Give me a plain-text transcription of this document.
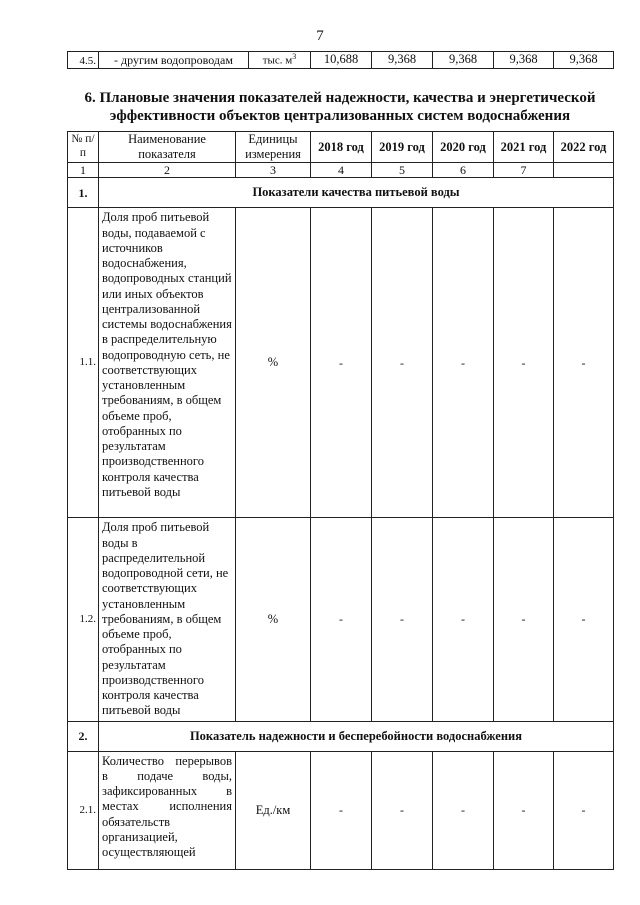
7
4.5.	- другим водопроводам	тыс. $м^3$	10,688	9,368	9,368	9,368	9,368
6. Плановые значения показателей надежности, качества и энергетической
эффективности объектов централизованных систем водоснабжения
№ п/п	Наименование показателя	Единицы измерения	2018 год	2019 год	2020 год	2021 год	2022 год
1	2	3	4	5	6	7	
1.	Показатели качества питьевой воды						
1.1.	Доля проб питьевой воды, подаваемой с источников водоснабжения, водопроводных станций или иных объектов централизованной системы водоснабжения в распределительную водопроводную сеть, не соответствующих установленным требованиям, в общем объеме проб, отобранных по результатам производственного контроля качества питьевой воды	%	-	-	-	-	-
1.2.	Доля проб питьевой воды в распределительной водопроводной сети, не соответствующих установленным требованиям, в общем объеме проб, отобранных по результатам производственного контроля качества питьевой воды	%	-	-	-	-	-
2.	Показатель надежности и бесперебойности водоснабжения						
2.1.	Количество перерывов в подаче воды, зафиксированных в местах исполнения обязательств организацией, осуществляющей	Ед./км	-	-	-	-	-
